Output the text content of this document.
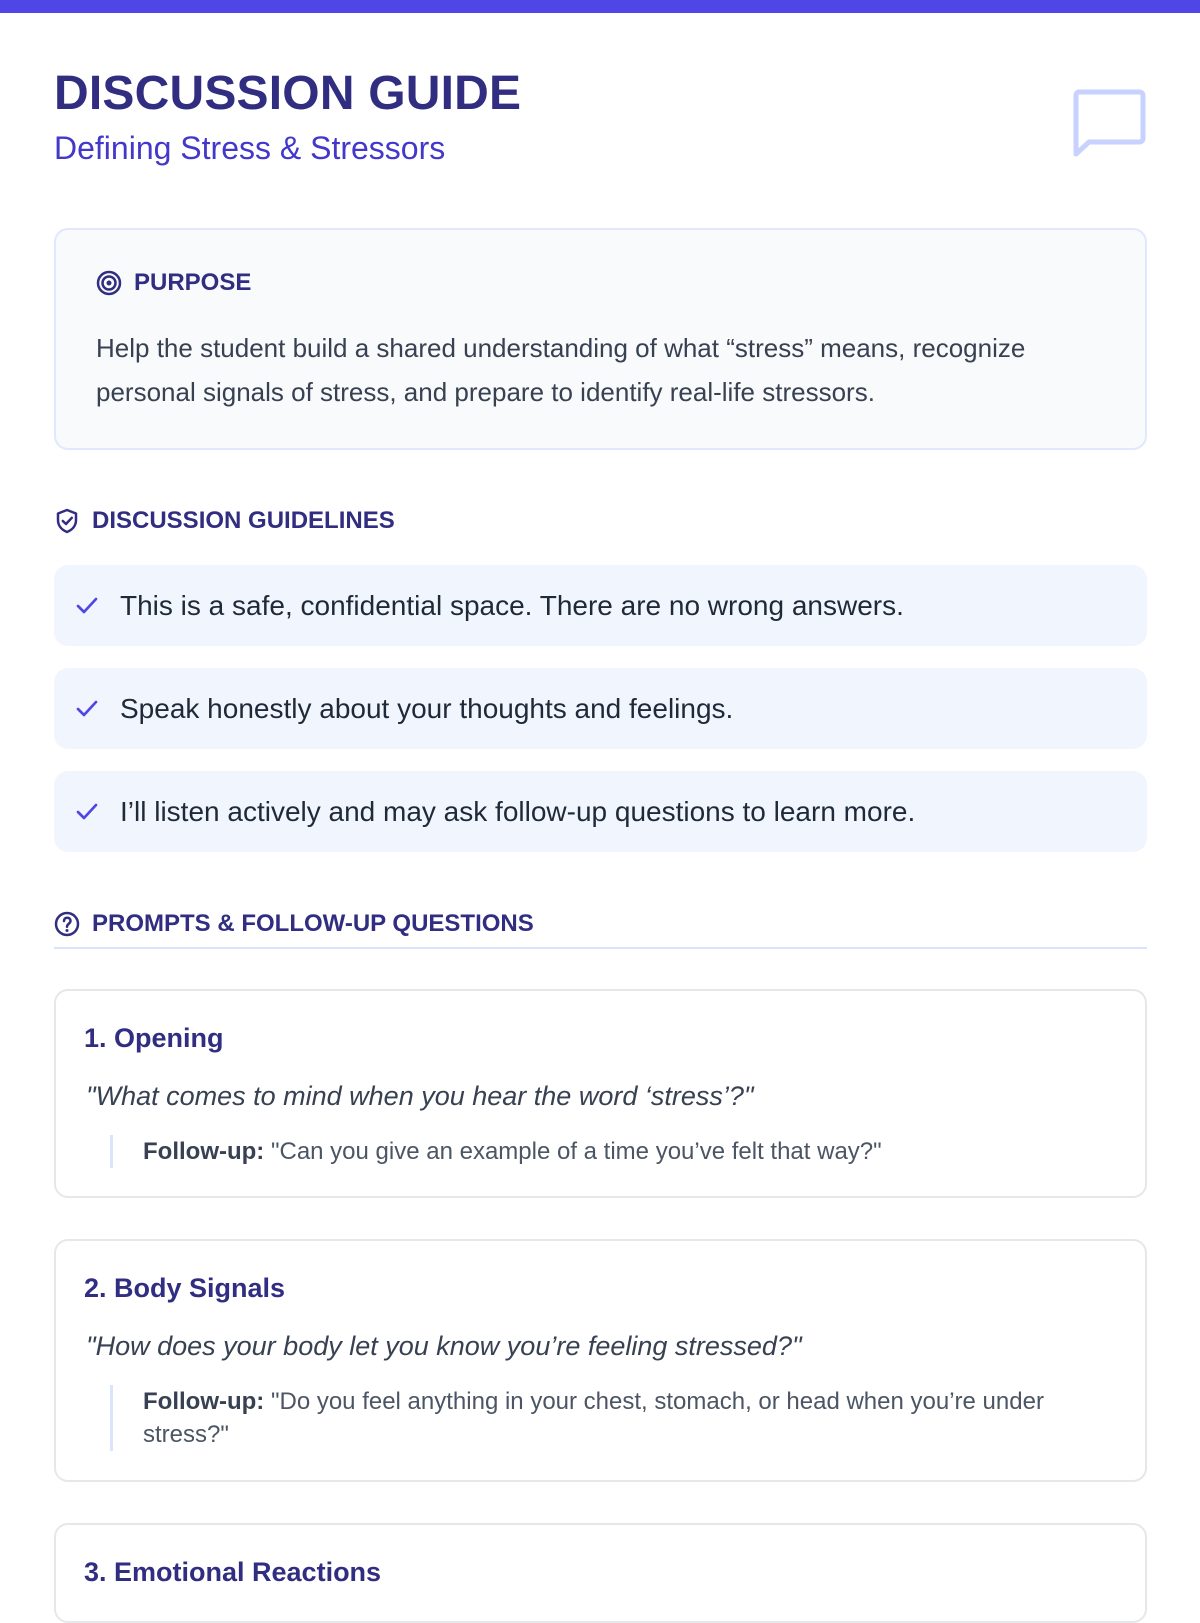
DISCUSSION GUIDE
Defining Stress & Stressors
PURPOSE

Help the student build a shared understanding of what “stress” means, recognize personal signals of stress, and prepare to identify real-life stressors.

DISCUSSION GUIDELINES
This is a safe, confidential space. There are no wrong answers.
Speak honestly about your thoughts and feelings.
I’ll listen actively and may ask follow-up questions to learn more.
PROMPTS & FOLLOW-UP QUESTIONS
1. Opening

"What comes to mind when you hear the word ‘stress’?"

Follow-up: "Can you give an example of a time you’ve felt that way?"
2. Body Signals

"How does your body let you know you’re feeling stressed?"

Follow-up: "Do you feel anything in your chest, stomach, or head when you’re under stress?"
3. Emotional Reactions
